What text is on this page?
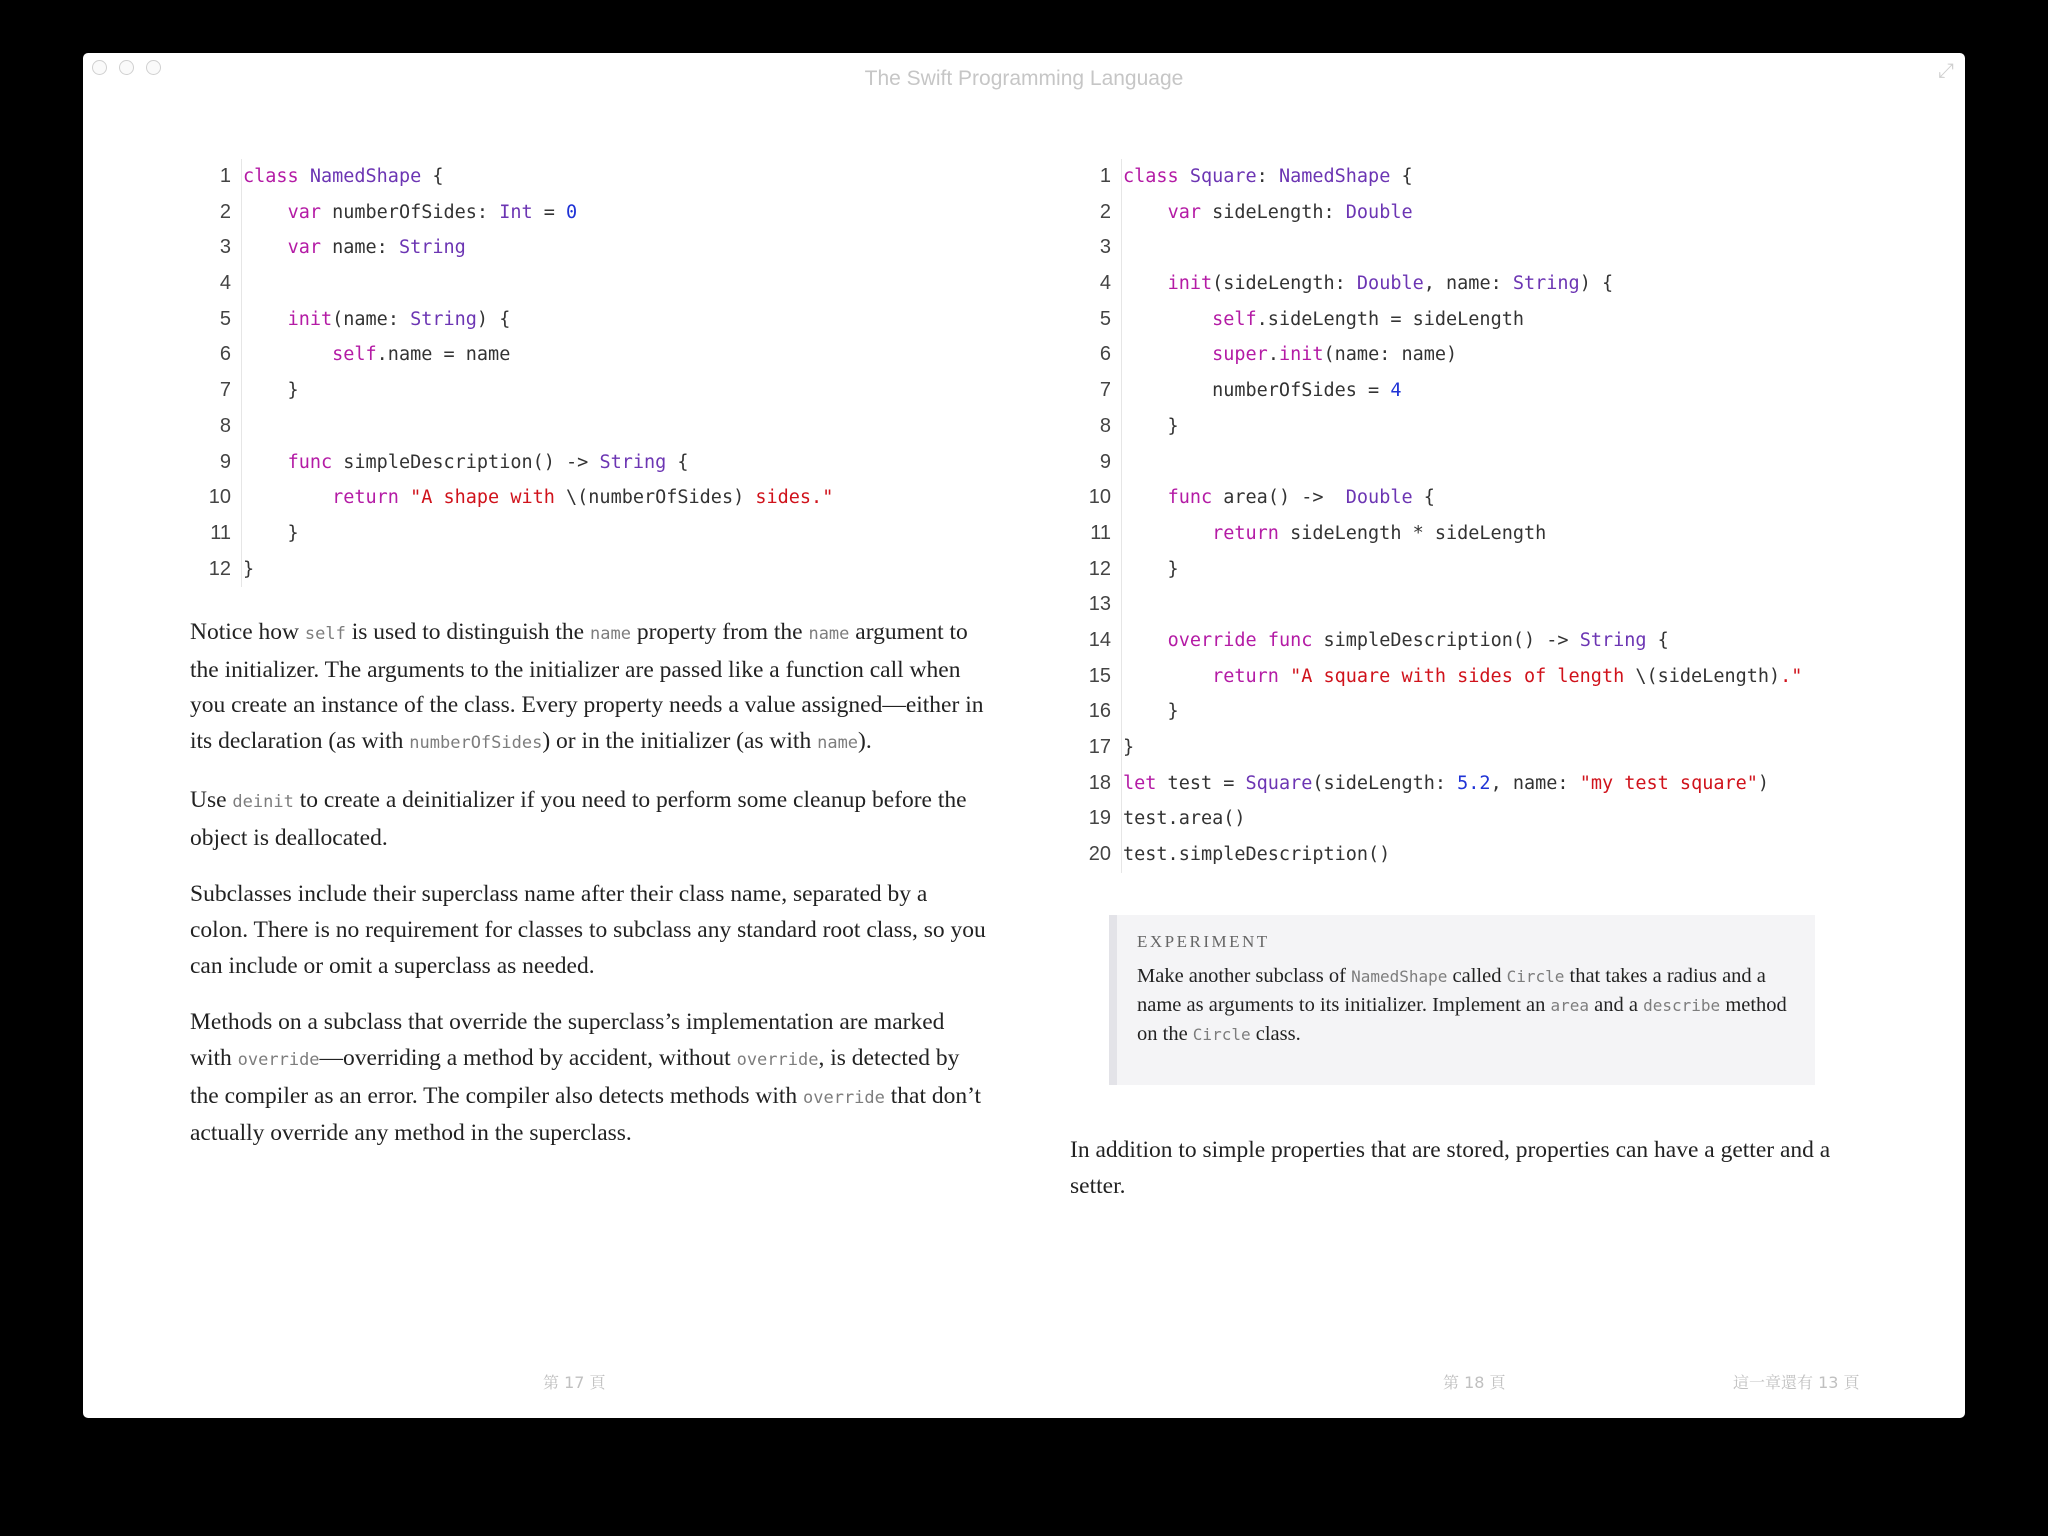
The Swift Programming Language	⤢
1 class NamedShape {
2	var numberOfSides: Int = 0
3	var name: String
4
5	init(name: String) {
6	self.name = name
7 }
8
9	func simpleDescription() -> String {
10	return "A shape with \(numberOfSides) sides."
11 }
12 }
1 class Square: NamedShape {
2	var sideLength: Double
3
4	init(sideLength: Double, name: String) {
5	self.sideLength = sideLength
6	super.init(name: name)
7 numberOfSides = 4
8 }
9
10	func area() ->  Double {
11	return sideLength * sideLength
12 }
13
14	override func simpleDescription() -> String {
15	return "A square with sides of length \(sideLength)."
16 }
17 }
18 let test = Square(sideLength: 5.2, name: "my test square")
19 test.area()
20 test.simpleDescription()

Notice how self is used to distinguish the name property from the name argument to the initializer. The arguments to the initializer are passed like a function call when you create an instance of the class. Every property needs a value assigned—either in its declaration (as with numberOfSides) or in the initializer (as with name).

Use deinit to create a deinitializer if you need to perform some cleanup before the object is deallocated.

Subclasses include their superclass name after their class name, separated by a colon. There is no requirement for classes to subclass any standard root class, so you can include or omit a superclass as needed.

Methods on a subclass that override the superclass’s implementation are marked with override—overriding a method by accident, without override, is detected by the compiler as an error. The compiler also detects methods with override that don’t actually override any method in the superclass.

EXPERIMENT
Make another subclass of NamedShape called Circle that takes a radius and a name as arguments to its initializer. Implement an area and a describe method on the Circle class.

In addition to simple properties that are stored, properties can have a getter and a setter.

第 17 頁	第 18 頁	這一章還有 13 頁
